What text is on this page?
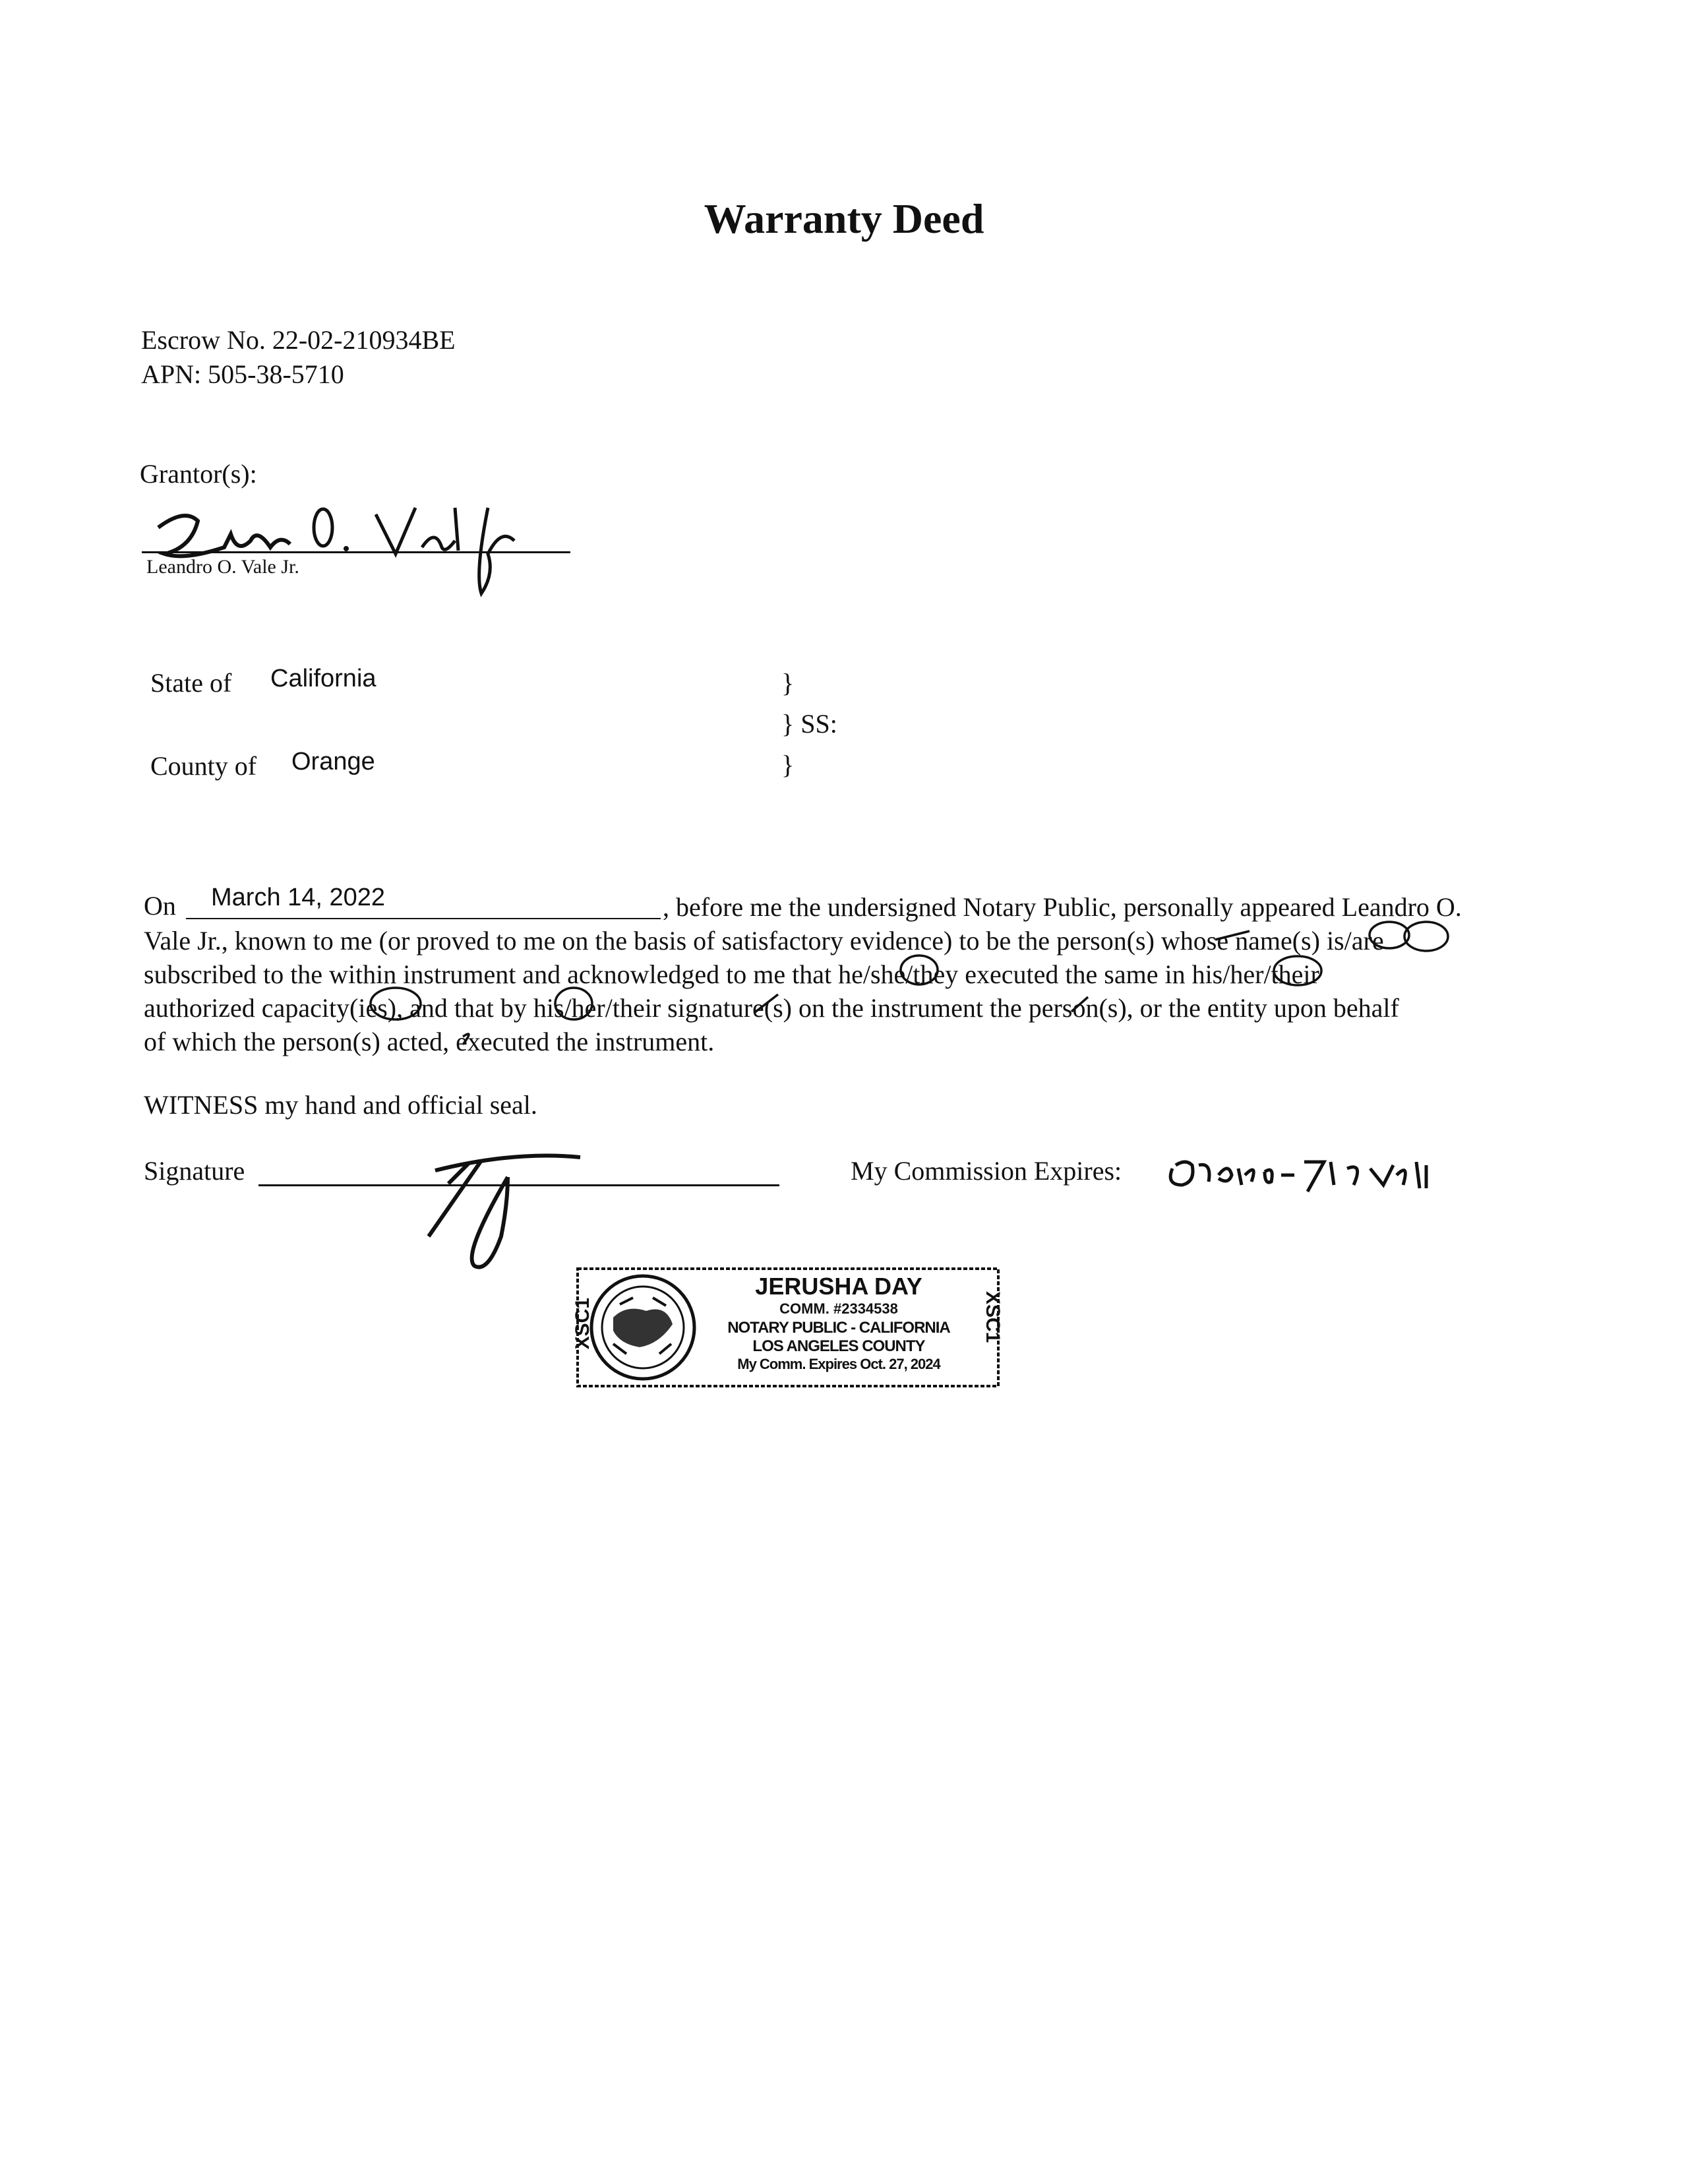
Warranty Deed
Escrow No. 22-02-210934BE
APN: 505-38-5710
Grantor(s):
Leandro O. Vale Jr.
State of California
County of Orange
}
} SS:
}
On March 14, 2022	, before me the undersigned Notary Public, personally appeared Leandro O.

Vale Jr., known to me (or proved to me on the basis of satisfactory evidence) to be the person(s) whose name(s) is/are

subscribed to the within instrument and acknowledged to me that he/she/they executed the same in his/her/their

authorized capacity(ies), and that by his/her/their signature(s) on the instrument the person(s), or the entity upon behalf

of which the person(s) acted, executed the instrument.

WITNESS my hand and official seal.
Signature	My Commission Expires:
XSC1	XSC1
JERUSHA DAY
COMM. #2334538
NOTARY PUBLIC - CALIFORNIA
LOS ANGELES COUNTY
My Comm. Expires Oct. 27, 2024
